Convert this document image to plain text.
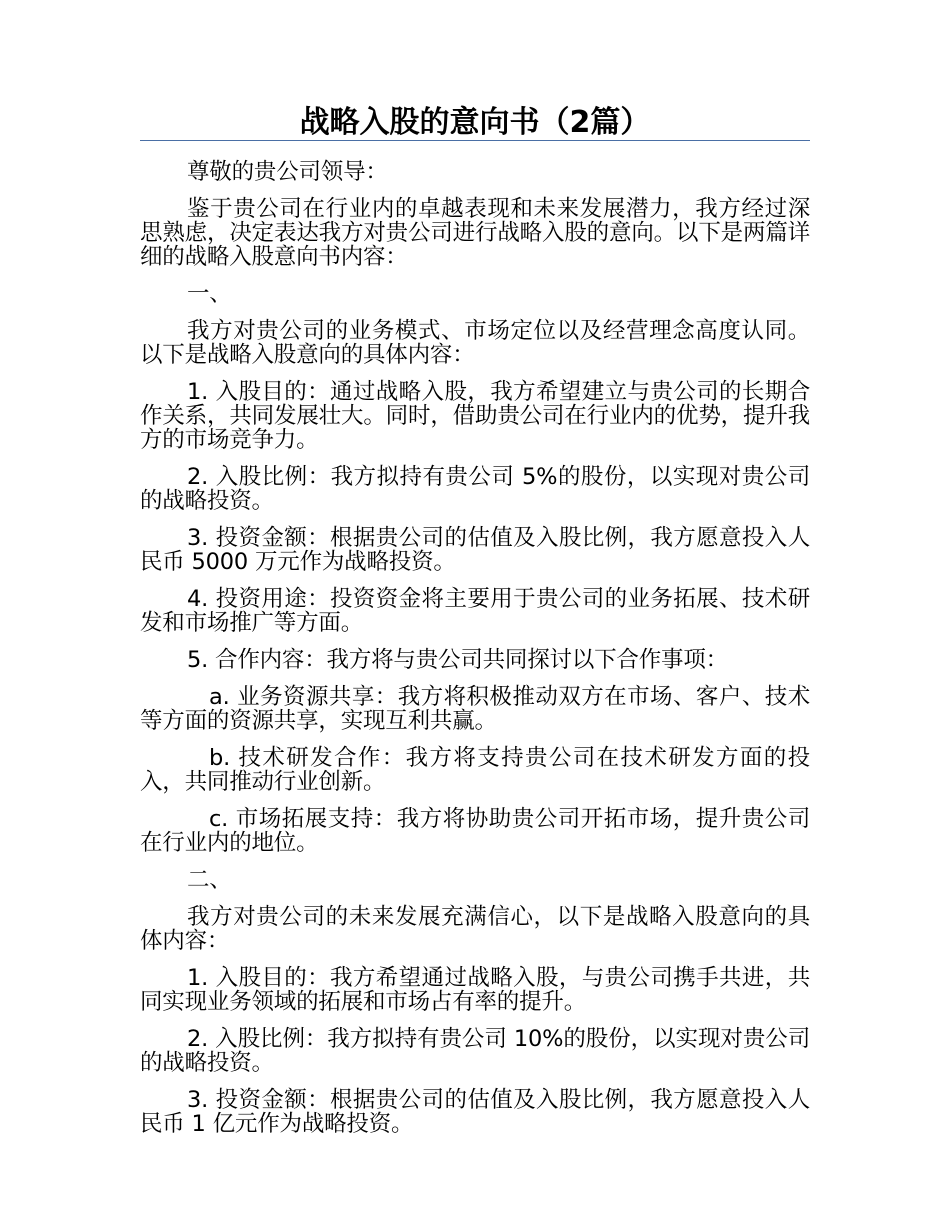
战略入股的意向书（2篇）

尊敬的贵公司领导：

鉴于贵公司在行业内的卓越表现和未来发展潜力，我方经过深思熟虑，决定表达我方对贵公司进行战略入股的意向。以下是两篇详细的战略入股意向书内容：

一、

我方对贵公司的业务模式、市场定位以及经营理念高度认同。以下是战略入股意向的具体内容：

1. 入股目的：通过战略入股，我方希望建立与贵公司的长期合作关系，共同发展壮大。同时，借助贵公司在行业内的优势，提升我方的市场竞争力。

2. 入股比例：我方拟持有贵公司 5%的股份，以实现对贵公司的战略投资。

3. 投资金额：根据贵公司的估值及入股比例，我方愿意投入人民币 5000 万元作为战略投资。

4. 投资用途：投资资金将主要用于贵公司的业务拓展、技术研发和市场推广等方面。

5. 合作内容：我方将与贵公司共同探讨以下合作事项：

a. 业务资源共享：我方将积极推动双方在市场、客户、技术等方面的资源共享，实现互利共赢。

b. 技术研发合作：我方将支持贵公司在技术研发方面的投入，共同推动行业创新。

c. 市场拓展支持：我方将协助贵公司开拓市场，提升贵公司在行业内的地位。

二、

我方对贵公司的未来发展充满信心，以下是战略入股意向的具体内容：

1. 入股目的：我方希望通过战略入股，与贵公司携手共进，共同实现业务领域的拓展和市场占有率的提升。

2. 入股比例：我方拟持有贵公司 10%的股份，以实现对贵公司的战略投资。

3. 投资金额：根据贵公司的估值及入股比例，我方愿意投入人民币 1 亿元作为战略投资。
